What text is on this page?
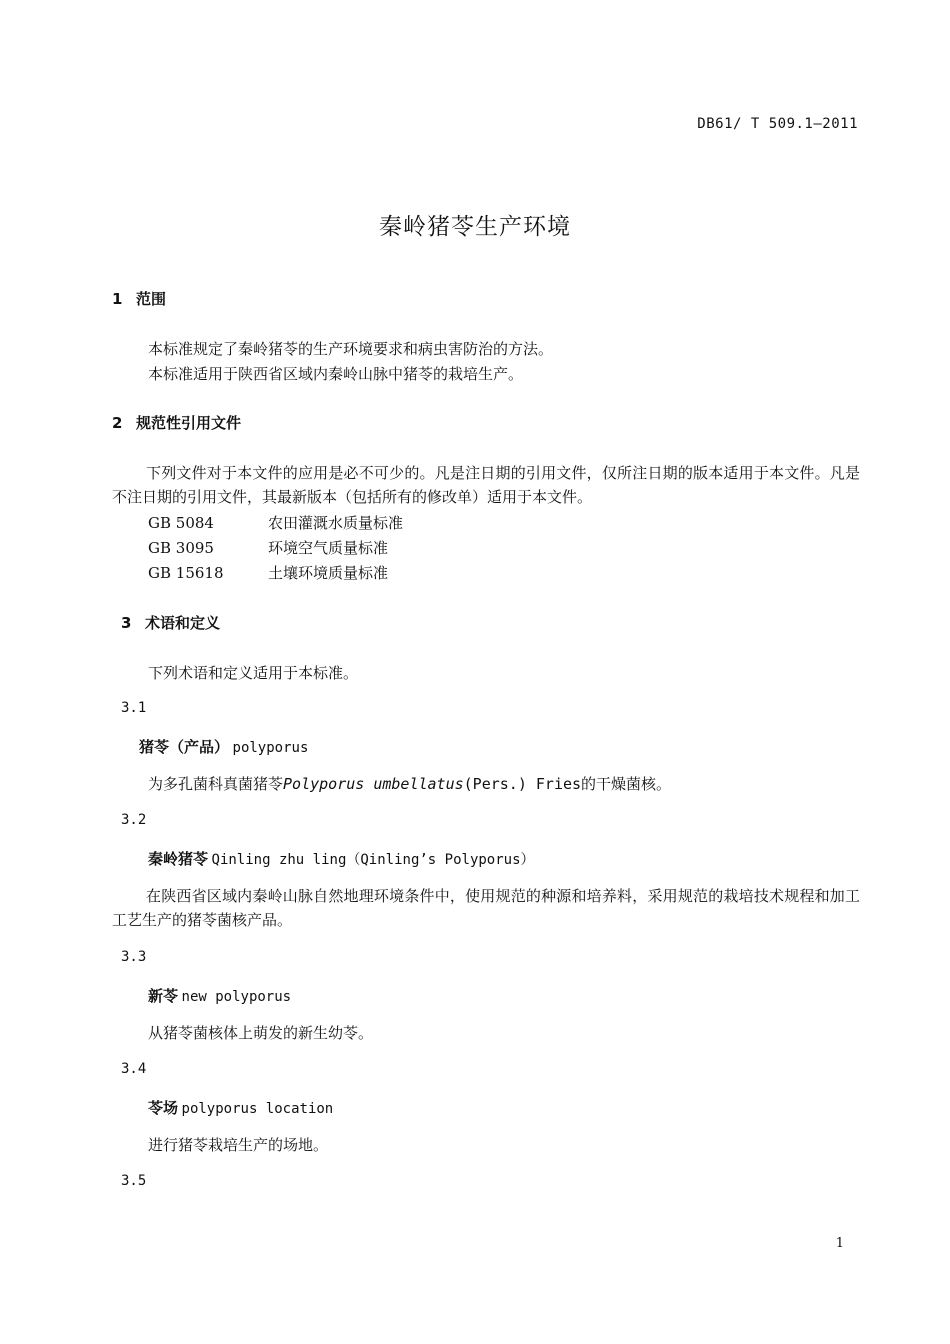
DB61/ T 509.1—2011
秦岭猪苓生产环境
1 范围
本标准规定了秦岭猪苓的生产环境要求和病虫害防治的方法。
本标准适用于陕西省区域内秦岭山脉中猪苓的栽培生产。
2 规范性引用文件
下列文件对于本文件的应用是必不可少的。凡是注日期的引用文件，仅所注日期的版本适用于本文件。凡是不注日期的引用文件，其最新版本（包括所有的修改单）适用于本文件。
GB 5084	农田灌溉水质量标准
GB 3095	环境空气质量标准
GB 15618	土壤环境质量标准
3 术语和定义
下列术语和定义适用于本标准。
3.1
猪苓（产品） polyporus
为多孔菌科真菌猪苓Polyporus umbellatus(Pers.) Fries的干燥菌核。
3.2
秦岭猪苓 Qinling zhu ling（Qinling’s Polyporus）
在陕西省区域内秦岭山脉自然地理环境条件中，使用规范的种源和培养料，采用规范的栽培技术规程和加工工艺生产的猪苓菌核产品。
3.3
新苓 new polyporus
从猪苓菌核体上萌发的新生幼苓。
3.4
苓场 polyporus location
进行猪苓栽培生产的场地。
3.5
1
